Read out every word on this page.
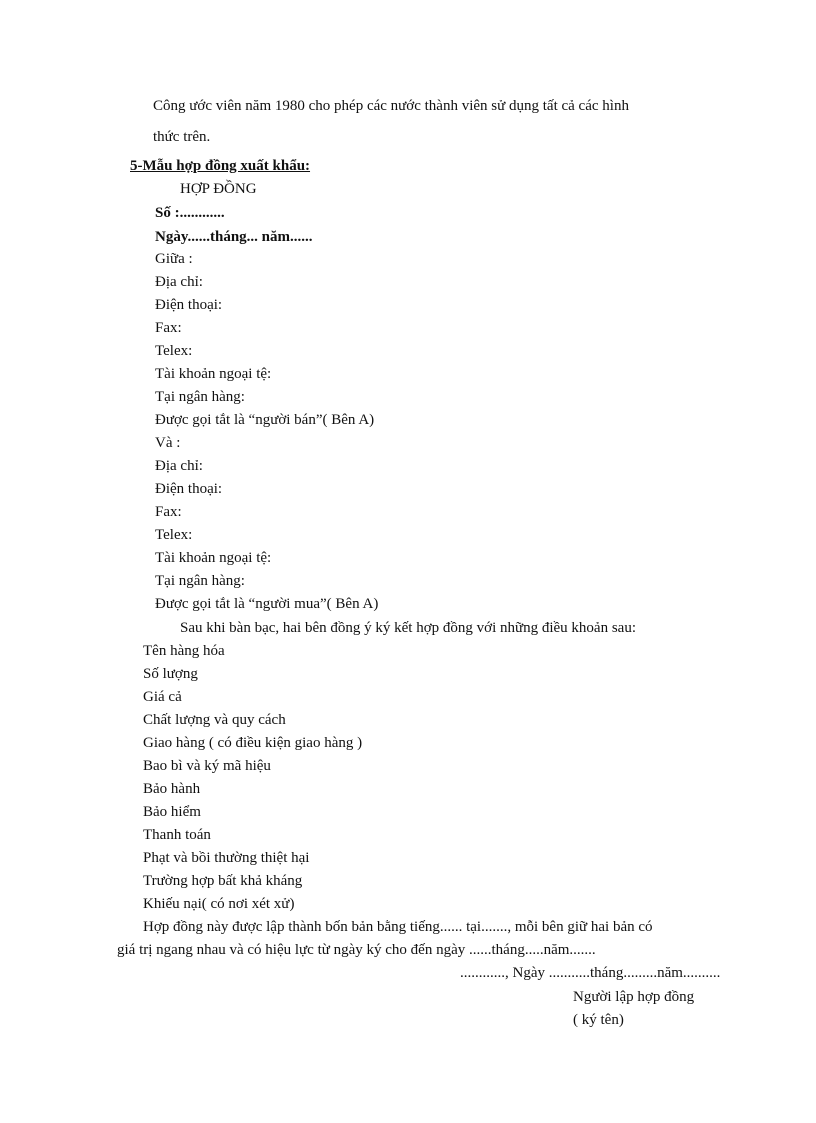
Công ước viên năm 1980 cho phép các nước thành viên sử dụng tất cả các hình
thức trên.
5-Mẫu hợp đồng xuất khẩu:
HỢP ĐỒNG
Số :............
Ngày......tháng... năm......
Giữa :
Địa chỉ:
Điện thoại:
Fax:
Telex:
Tài khoản ngoại tệ:
Tại ngân hàng:
Được gọi tắt là “người bán”( Bên A)
Và :
Địa chỉ:
Điện thoại:
Fax:
Telex:
Tài khoản ngoại tệ:
Tại ngân hàng:
Được gọi tắt là “người mua”( Bên A)
Sau khi bàn bạc, hai bên đồng ý ký kết hợp đồng với những điều khoản sau:
Tên hàng hóa
Số lượng
Giá cả
Chất lượng và quy cách
Giao hàng ( có điều kiện giao hàng )
Bao bì và ký mã hiệu
Bảo hành
Bảo hiểm
Thanh toán
Phạt và bồi thường thiệt hại
Trường hợp bất khả kháng
Khiếu nại( có nơi xét xử)
Hợp đồng này được lập thành bốn bản bằng tiếng...... tại......., mỗi bên giữ hai bản có
giá trị ngang nhau và có hiệu lực từ ngày ký cho đến ngày ......tháng.....năm.......
............, Ngày ...........tháng.........năm..........
Người lập hợp đồng
( ký tên)
